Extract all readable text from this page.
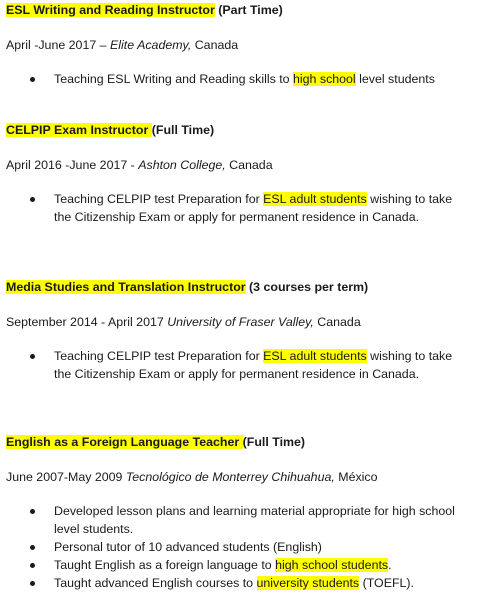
ESL Writing and Reading Instructor (Part Time)
April -June 2017 – Elite Academy, Canada
Teaching ESL Writing and Reading skills to high school level students
CELPIP Exam Instructor (Full Time)
April 2016 -June 2017 - Ashton College, Canada
Teaching CELPIP test Preparation for ESL adult students wishing to take the Citizenship Exam or apply for permanent residence in Canada.
Media Studies and Translation Instructor (3 courses per term)
September 2014 - April 2017 University of Fraser Valley, Canada
Teaching CELPIP test Preparation for ESL adult students wishing to take the Citizenship Exam or apply for permanent residence in Canada.
English as a Foreign Language Teacher (Full Time)
June 2007-May 2009 Tecnológico de Monterrey Chihuahua, México
Developed lesson plans and learning material appropriate for high school level students.
Personal tutor of 10 advanced students (English)
Taught English as a foreign language to high school students.
Taught advanced English courses to university students (TOEFL).
